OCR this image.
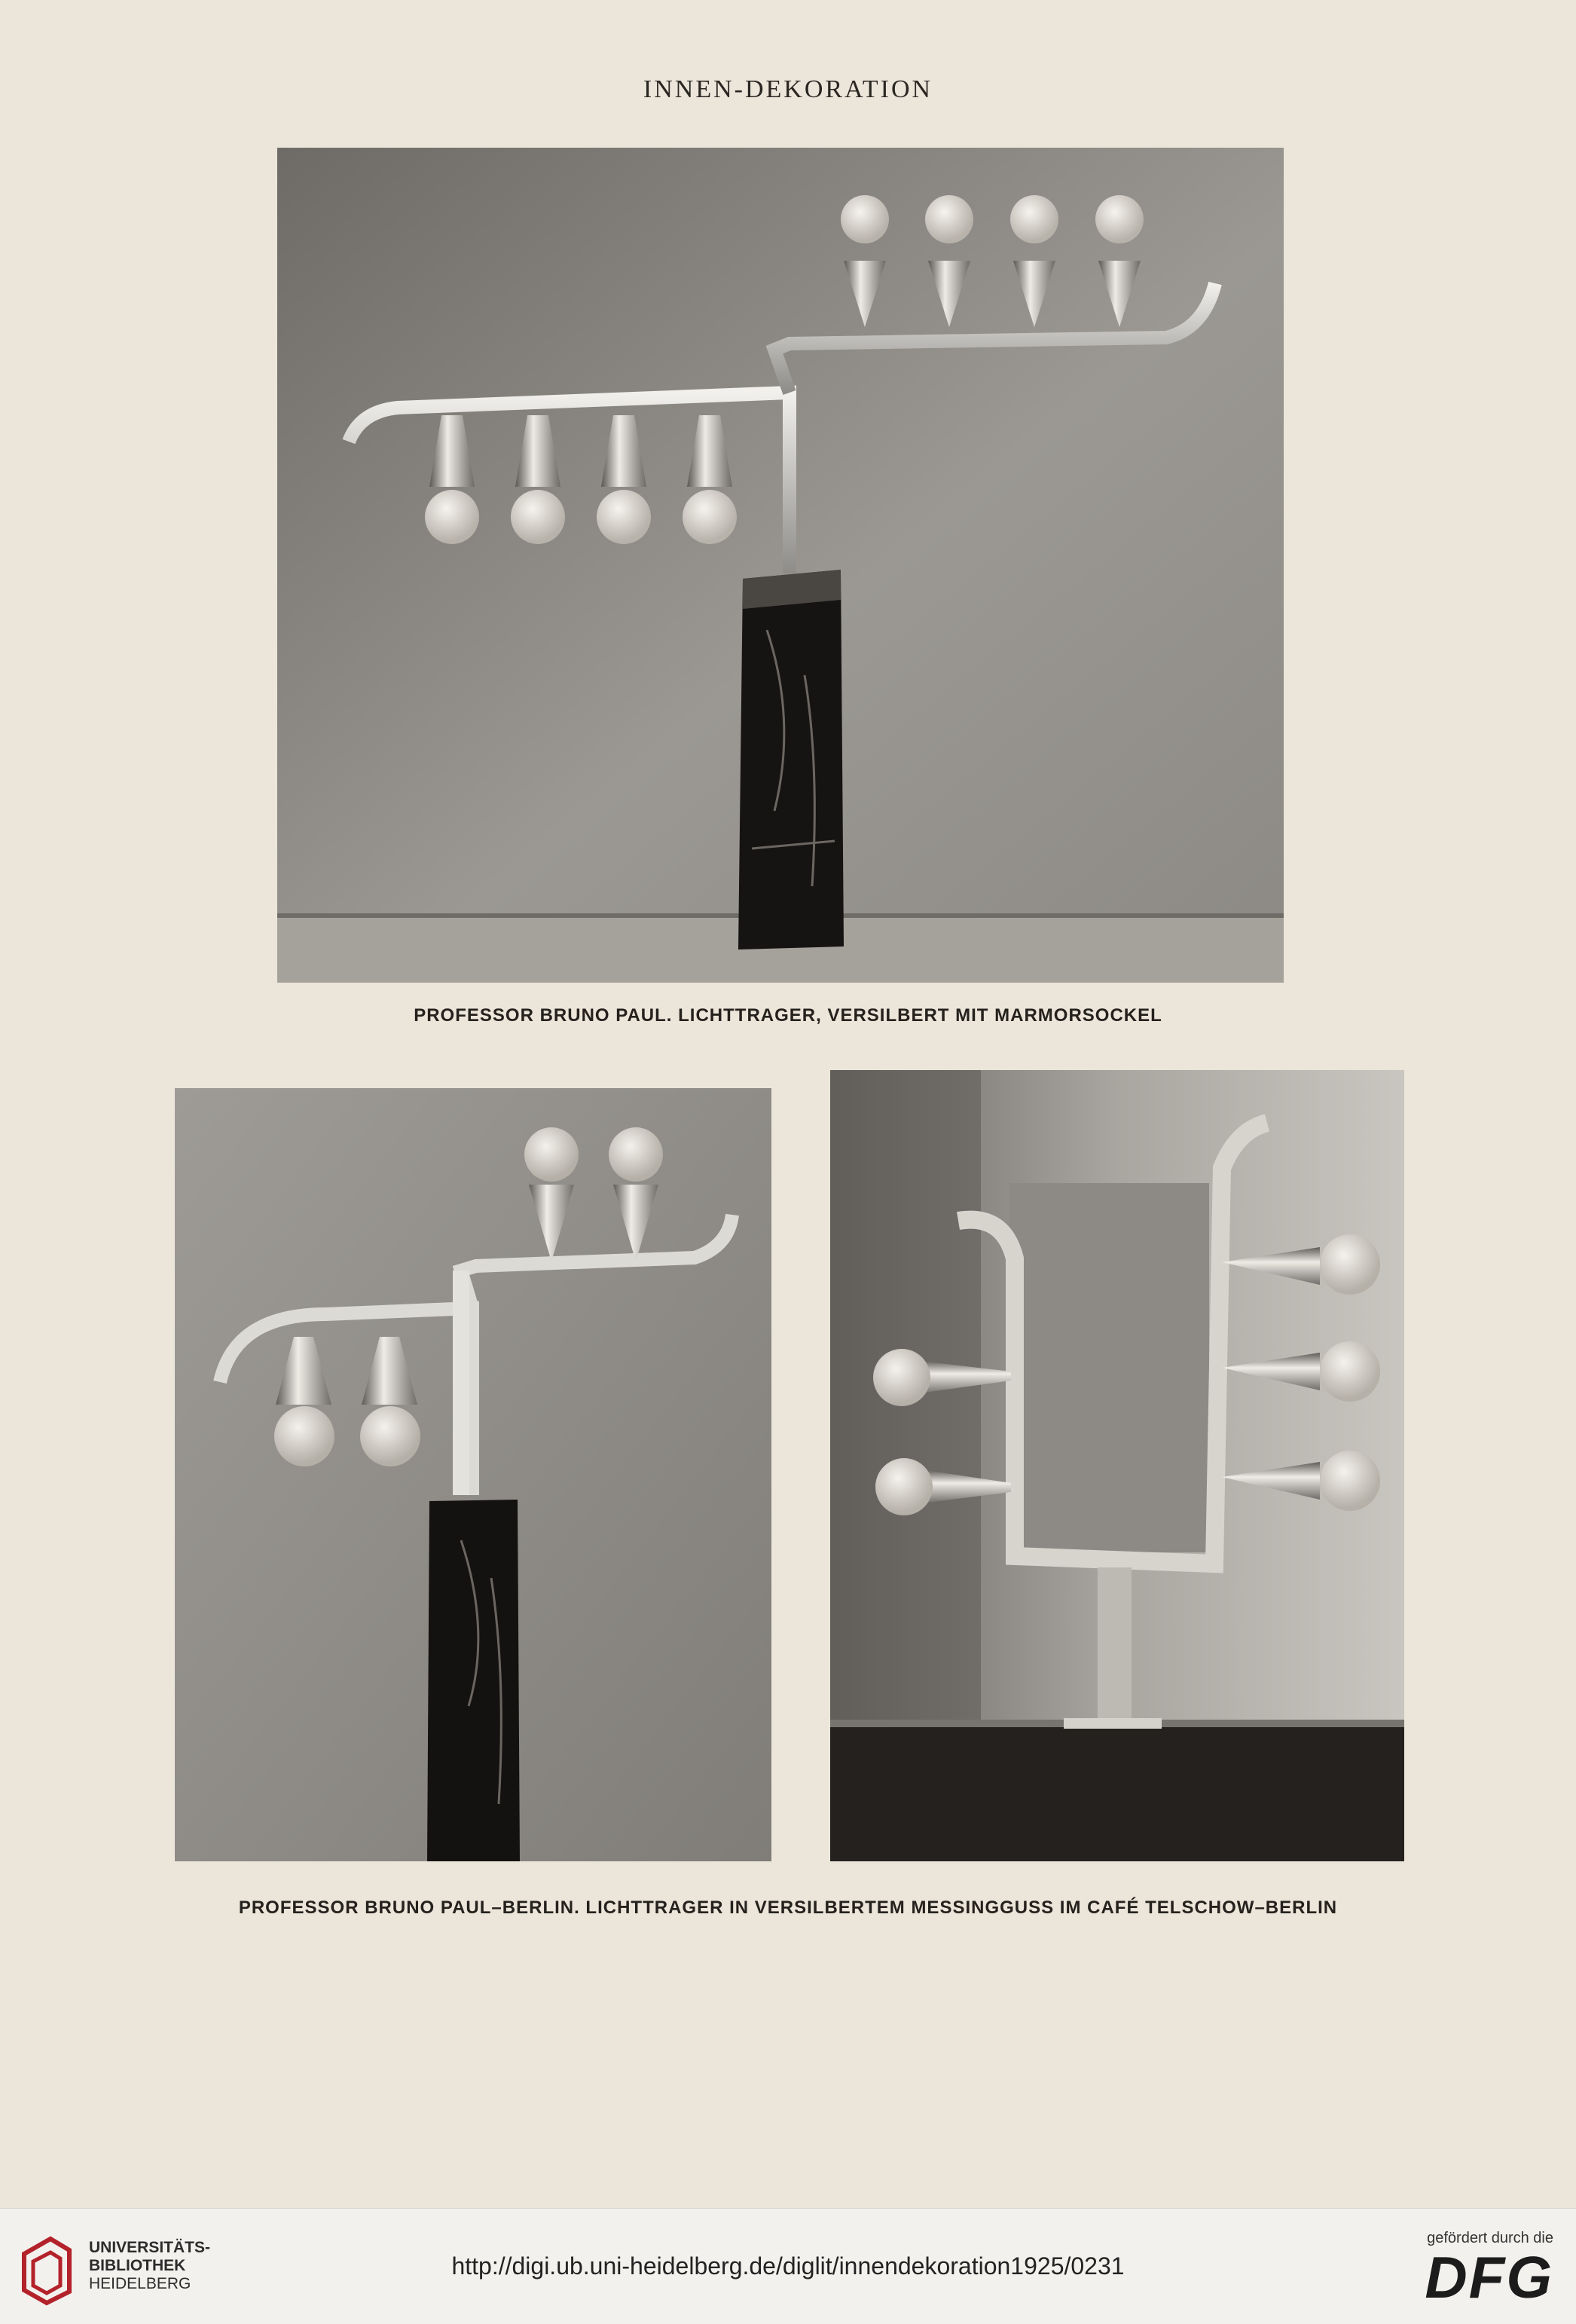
INNEN-DEKORATION
PROFESSOR BRUNO PAUL. LICHTTRAGER, VERSILBERT MIT MARMORSOCKEL
PROFESSOR BRUNO PAUL–BERLIN. LICHTTRAGER IN VERSILBERTEM MESSINGGUSS IM CAFÉ TELSCHOW–BERLIN
UNIVERSITÄTS-
BIBLIOTHEK
HEIDELBERG
http://digi.ub.uni-heidelberg.de/diglit/innendekoration1925/0231
gefördert durch die
DFG
